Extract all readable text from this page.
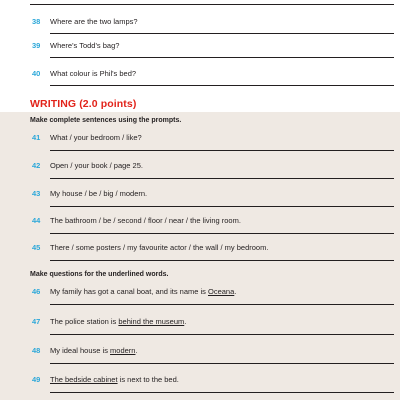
38	Where are the two lamps?
39	Where's Todd's bag?
40	What colour is Phil's bed?
WRITING (2.0 points)
Make complete sentences using the prompts.
41	What / your bedroom / like?
42	Open / your book / page 25.
43	My house / be / big / modern.
44	The bathroom / be / second / floor / near / the living room.
45	There / some posters / my favourite actor / the wall / my bedroom.
Make questions for the underlined words.
46	My family has got a canal boat, and its name is Oceana.
47	The police station is behind the museum.
48	My ideal house is modern.
49	The bedside cabinet is next to the bed.
